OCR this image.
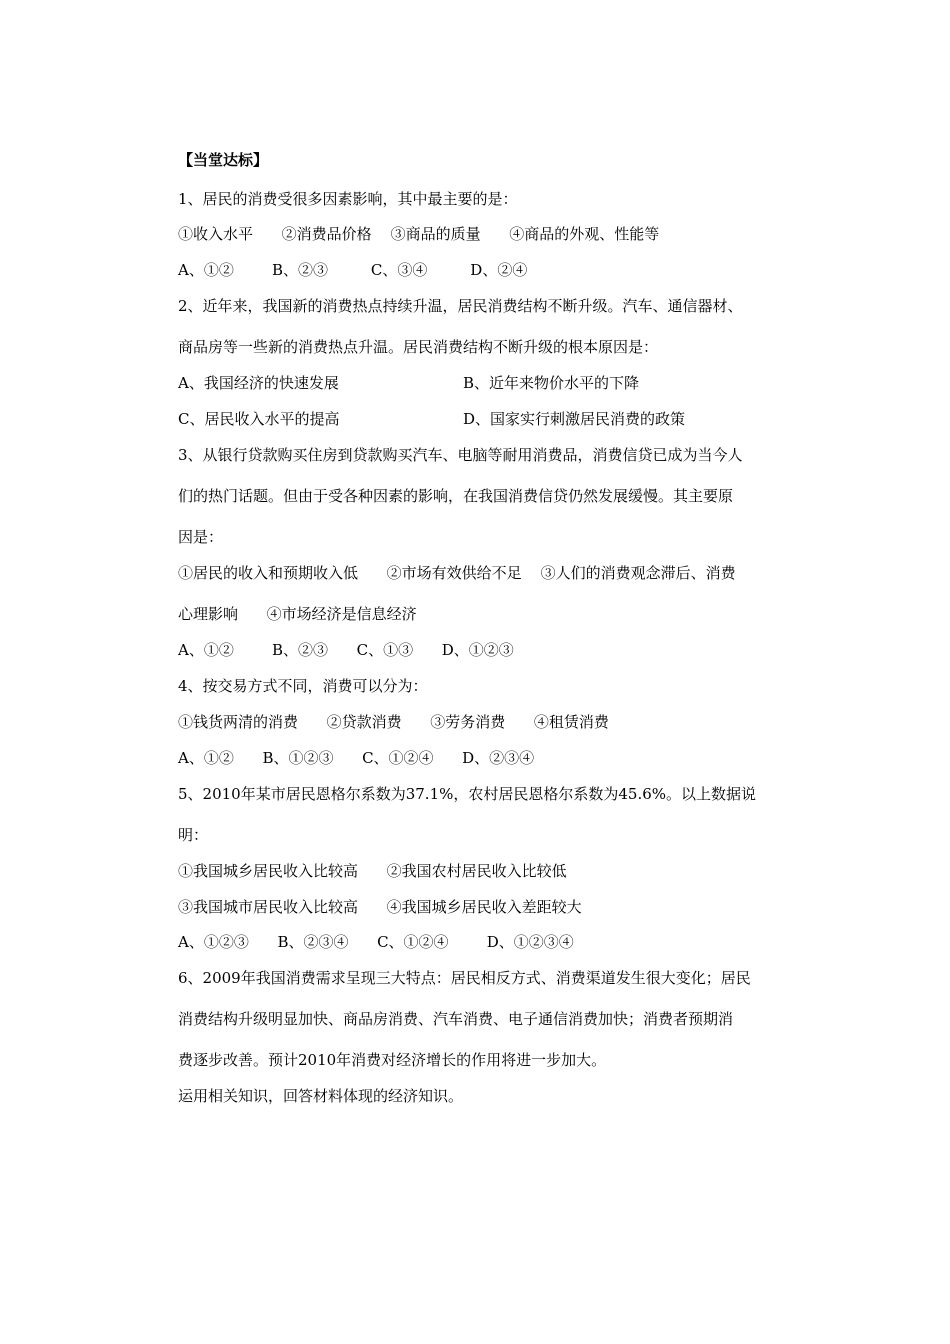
【当堂达标】
1、居民的消费受很多因素影响，其中最主要的是：
①收入水平      ②消费品价格    ③商品的质量      ④商品的外观、性能等
A、①②        B、②③         C、③④         D、②④
2、近年来，我国新的消费热点持续升温，居民消费结构不断升级。汽车、通信器材、
商品房等一些新的消费热点升温。居民消费结构不断升级的根本原因是：
A、我国经济的快速发展	B、近年来物价水平的下降
C、居民收入水平的提高	D、国家实行刺激居民消费的政策
3、从银行贷款购买住房到贷款购买汽车、电脑等耐用消费品，消费信贷已成为当今人
们的热门话题。但由于受各种因素的影响，在我国消费信贷仍然发展缓慢。其主要原
因是：
①居民的收入和预期收入低      ②市场有效供给不足    ③人们的消费观念滞后、消费
心理影响      ④市场经济是信息经济
A、①②        B、②③      C、①③      D、①②③
4、按交易方式不同，消费可以分为：
①钱货两清的消费      ②贷款消费      ③劳务消费      ④租赁消费
A、①②      B、①②③      C、①②④      D、②③④
5、2010年某市居民恩格尔系数为37.1%，农村居民恩格尔系数为45.6%。以上数据说
明：
①我国城乡居民收入比较高      ②我国农村居民收入比较低
③我国城市居民收入比较高      ④我国城乡居民收入差距较大
A、①②③      B、②③④      C、①②④        D、①②③④
6、2009年我国消费需求呈现三大特点：居民相反方式、消费渠道发生很大变化；居民
消费结构升级明显加快、商品房消费、汽车消费、电子通信消费加快；消费者预期消
费逐步改善。预计2010年消费对经济增长的作用将进一步加大。
运用相关知识，回答材料体现的经济知识。
